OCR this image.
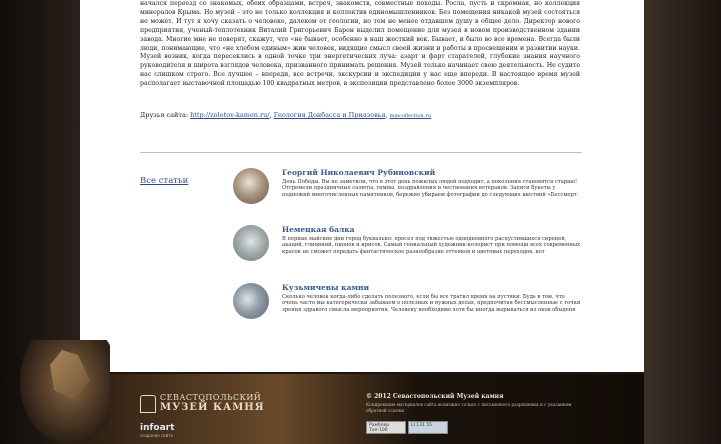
начался переезд со знакомых, обеих образцами, встреч, знакомств, совместные походы. Росла, пусть и скромная, но коллекция минералов Крыма. Но музей – это не только коллекция и коллектив единомышленников. Без помещения никакой музей состояться не может. И тут я хочу сказать о человеке, далеком от геологии, но тем не менее отдавшем душу в общее дело. Директор нового предприятия, ученый-теплотехник Виталий Григорьевич Барон выделил помещение для музея в новом производственном здании завода. Многие мне не поверят, скажут, что «не бывает, особенно в наш жесткий век. Бывает, и было во все времена. Всегда были люди, понимающие, что «не хлебом единым» жив человек, видящие смысл своей жизни и работы в просвещении и развитии науки. Музей возник, когда пересеклись в одной точке три энергетических луча: азарт и фарт старателей, глубокие знания научного руководителя и широта взглядов человека, призванного принимать решения. Музей только начинает свою деятельность. Не судите нас слишком строго. Все лучшее – впереди, все встречи, экскурсии и экспедиции у нас еще впереди. В настоящее время музей располагает выставочной площадью 100 квадратных метров, в экспозиции представлено более 3000 экземпляров.

Друзья сайта: http://zolotov-kamen.ru/, Геология Донбасса и Приазовья, mincollection.ru
Все статьи
Георгий Николаевич Рубиновский
День Победы. Вы не заметили, что в этот день пожилых людей подходит, а поколения становятся старше! Отгремели праздничные салюты, гимны, поздравления и чествования ветеранов. Записи букеты у подножий многочисленных памятников, бережно убираем фотографии до следующих шествий «Бессмерт.
Немецкая балка
В первые майские дни город буквально: просел под тяжестью однодневного распустившихся сиреней, акаций, глициний, пионов и ирисов. Самый гениальный художник-колорист при помощи всех современных красок не сможет передать фантастическое разнообразие оттенков и цветовых переходов, кот
Кузьмичевы камни
Сколько человек когда-либо сделать полезного, если бы все тратил время на пустяки. Будь в том, что очень часто мы категорически забываем о полезных и нужных делах, предпочитая бессмысленные с точки зрения здравого смысла мероприятия. Человеку необходимо хотя бы иногда вырываться из оков обыденн
СЕВАСТОПОЛЬСКИЙ
МУЗЕЙ КАМНЯ
infoart
создание сайта
© 2012 Севастопольский Музей камня
Копирование материалов сайта возможно только с письменного разрешения и с указанием обратной ссылки
Рамблер Топ-100
LI 131 55
